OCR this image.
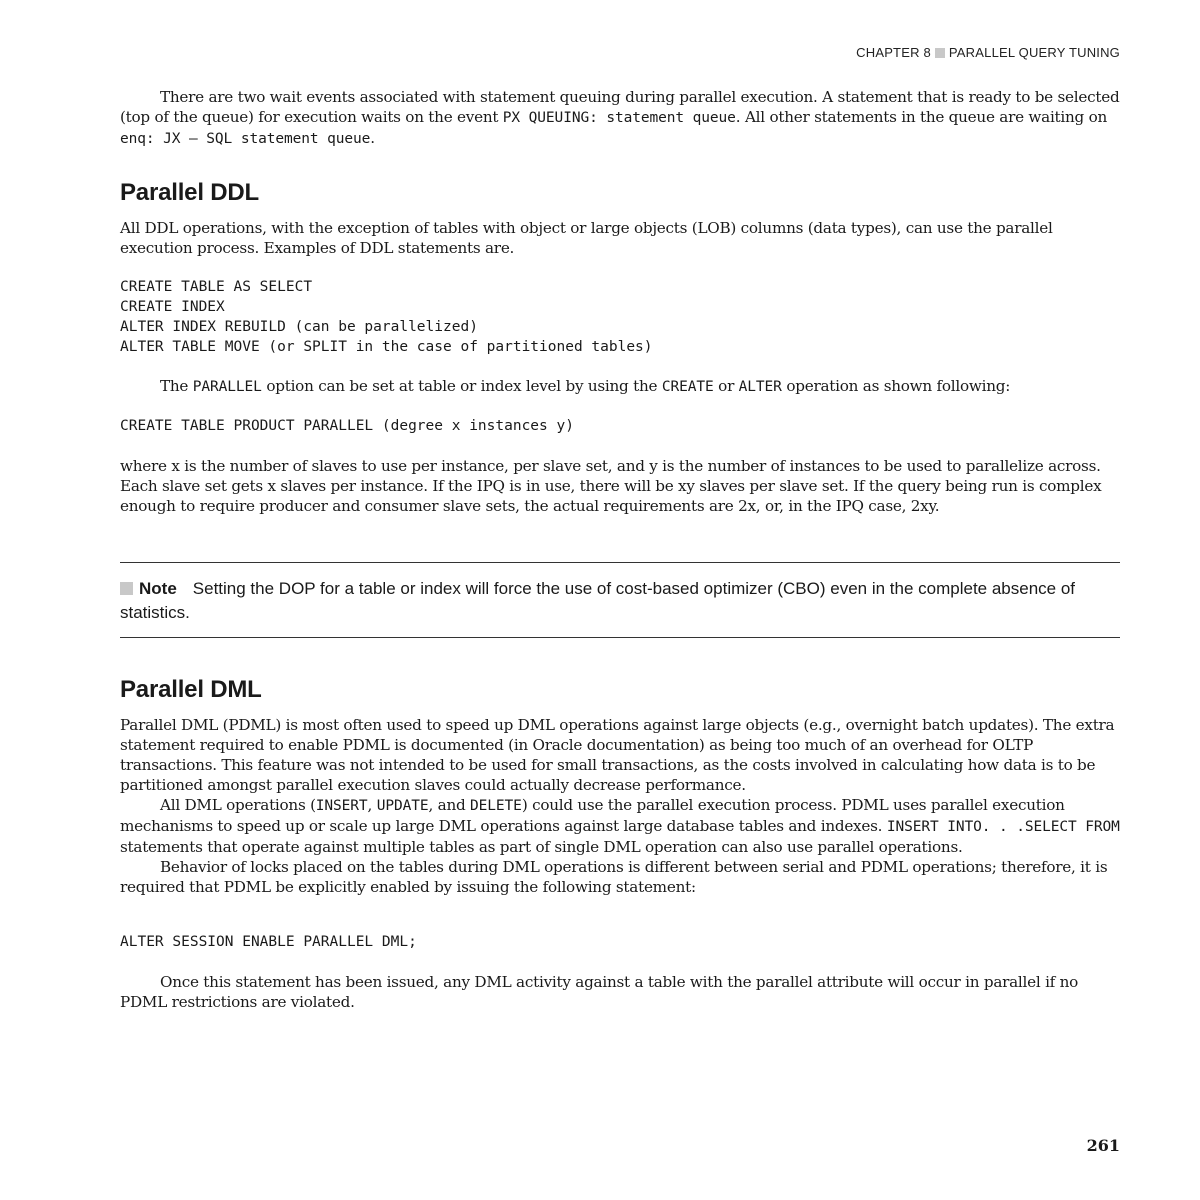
CHAPTER 8 PARALLEL QUERY TUNING

There are two wait events associated with statement queuing during parallel execution. A statement that is ready to be selected (top of the queue) for execution waits on the event PX QUEUING: statement queue. All other statements in the queue are waiting on enq: JX – SQL statement queue.

Parallel DDL

All DDL operations, with the exception of tables with object or large objects (LOB) columns (data types), can use the parallel execution process. Examples of DDL statements are.

CREATE TABLE AS SELECT
CREATE INDEX
ALTER INDEX REBUILD (can be parallelized)
ALTER TABLE MOVE (or SPLIT in the case of partitioned tables)

The PARALLEL option can be set at table or index level by using the CREATE or ALTER operation as shown following:

CREATE TABLE PRODUCT PARALLEL (degree x instances y)

where x is the number of slaves to use per instance, per slave set, and y is the number of instances to be used to parallelize across. Each slave set gets x slaves per instance. If the IPQ is in use, there will be xy slaves per slave set. If the query being run is complex enough to require producer and consumer slave sets, the actual requirements are 2x, or, in the IPQ case, 2xy.

Note Setting the DOP for a table or index will force the use of cost-based optimizer (CBO) even in the complete absence of statistics.

Parallel DML

Parallel DML (PDML) is most often used to speed up DML operations against large objects (e.g., overnight batch updates). The extra statement required to enable PDML is documented (in Oracle documentation) as being too much of an overhead for OLTP transactions. This feature was not intended to be used for small transactions, as the costs involved in calculating how data is to be partitioned amongst parallel execution slaves could actually decrease performance.

All DML operations (INSERT, UPDATE, and DELETE) could use the parallel execution process. PDML uses parallel execution mechanisms to speed up or scale up large DML operations against large database tables and indexes. INSERT INTO. . .SELECT FROM statements that operate against multiple tables as part of single DML operation can also use parallel operations.

Behavior of locks placed on the tables during DML operations is different between serial and PDML operations; therefore, it is required that PDML be explicitly enabled by issuing the following statement:

ALTER SESSION ENABLE PARALLEL DML;

Once this statement has been issued, any DML activity against a table with the parallel attribute will occur in parallel if no PDML restrictions are violated.

261
